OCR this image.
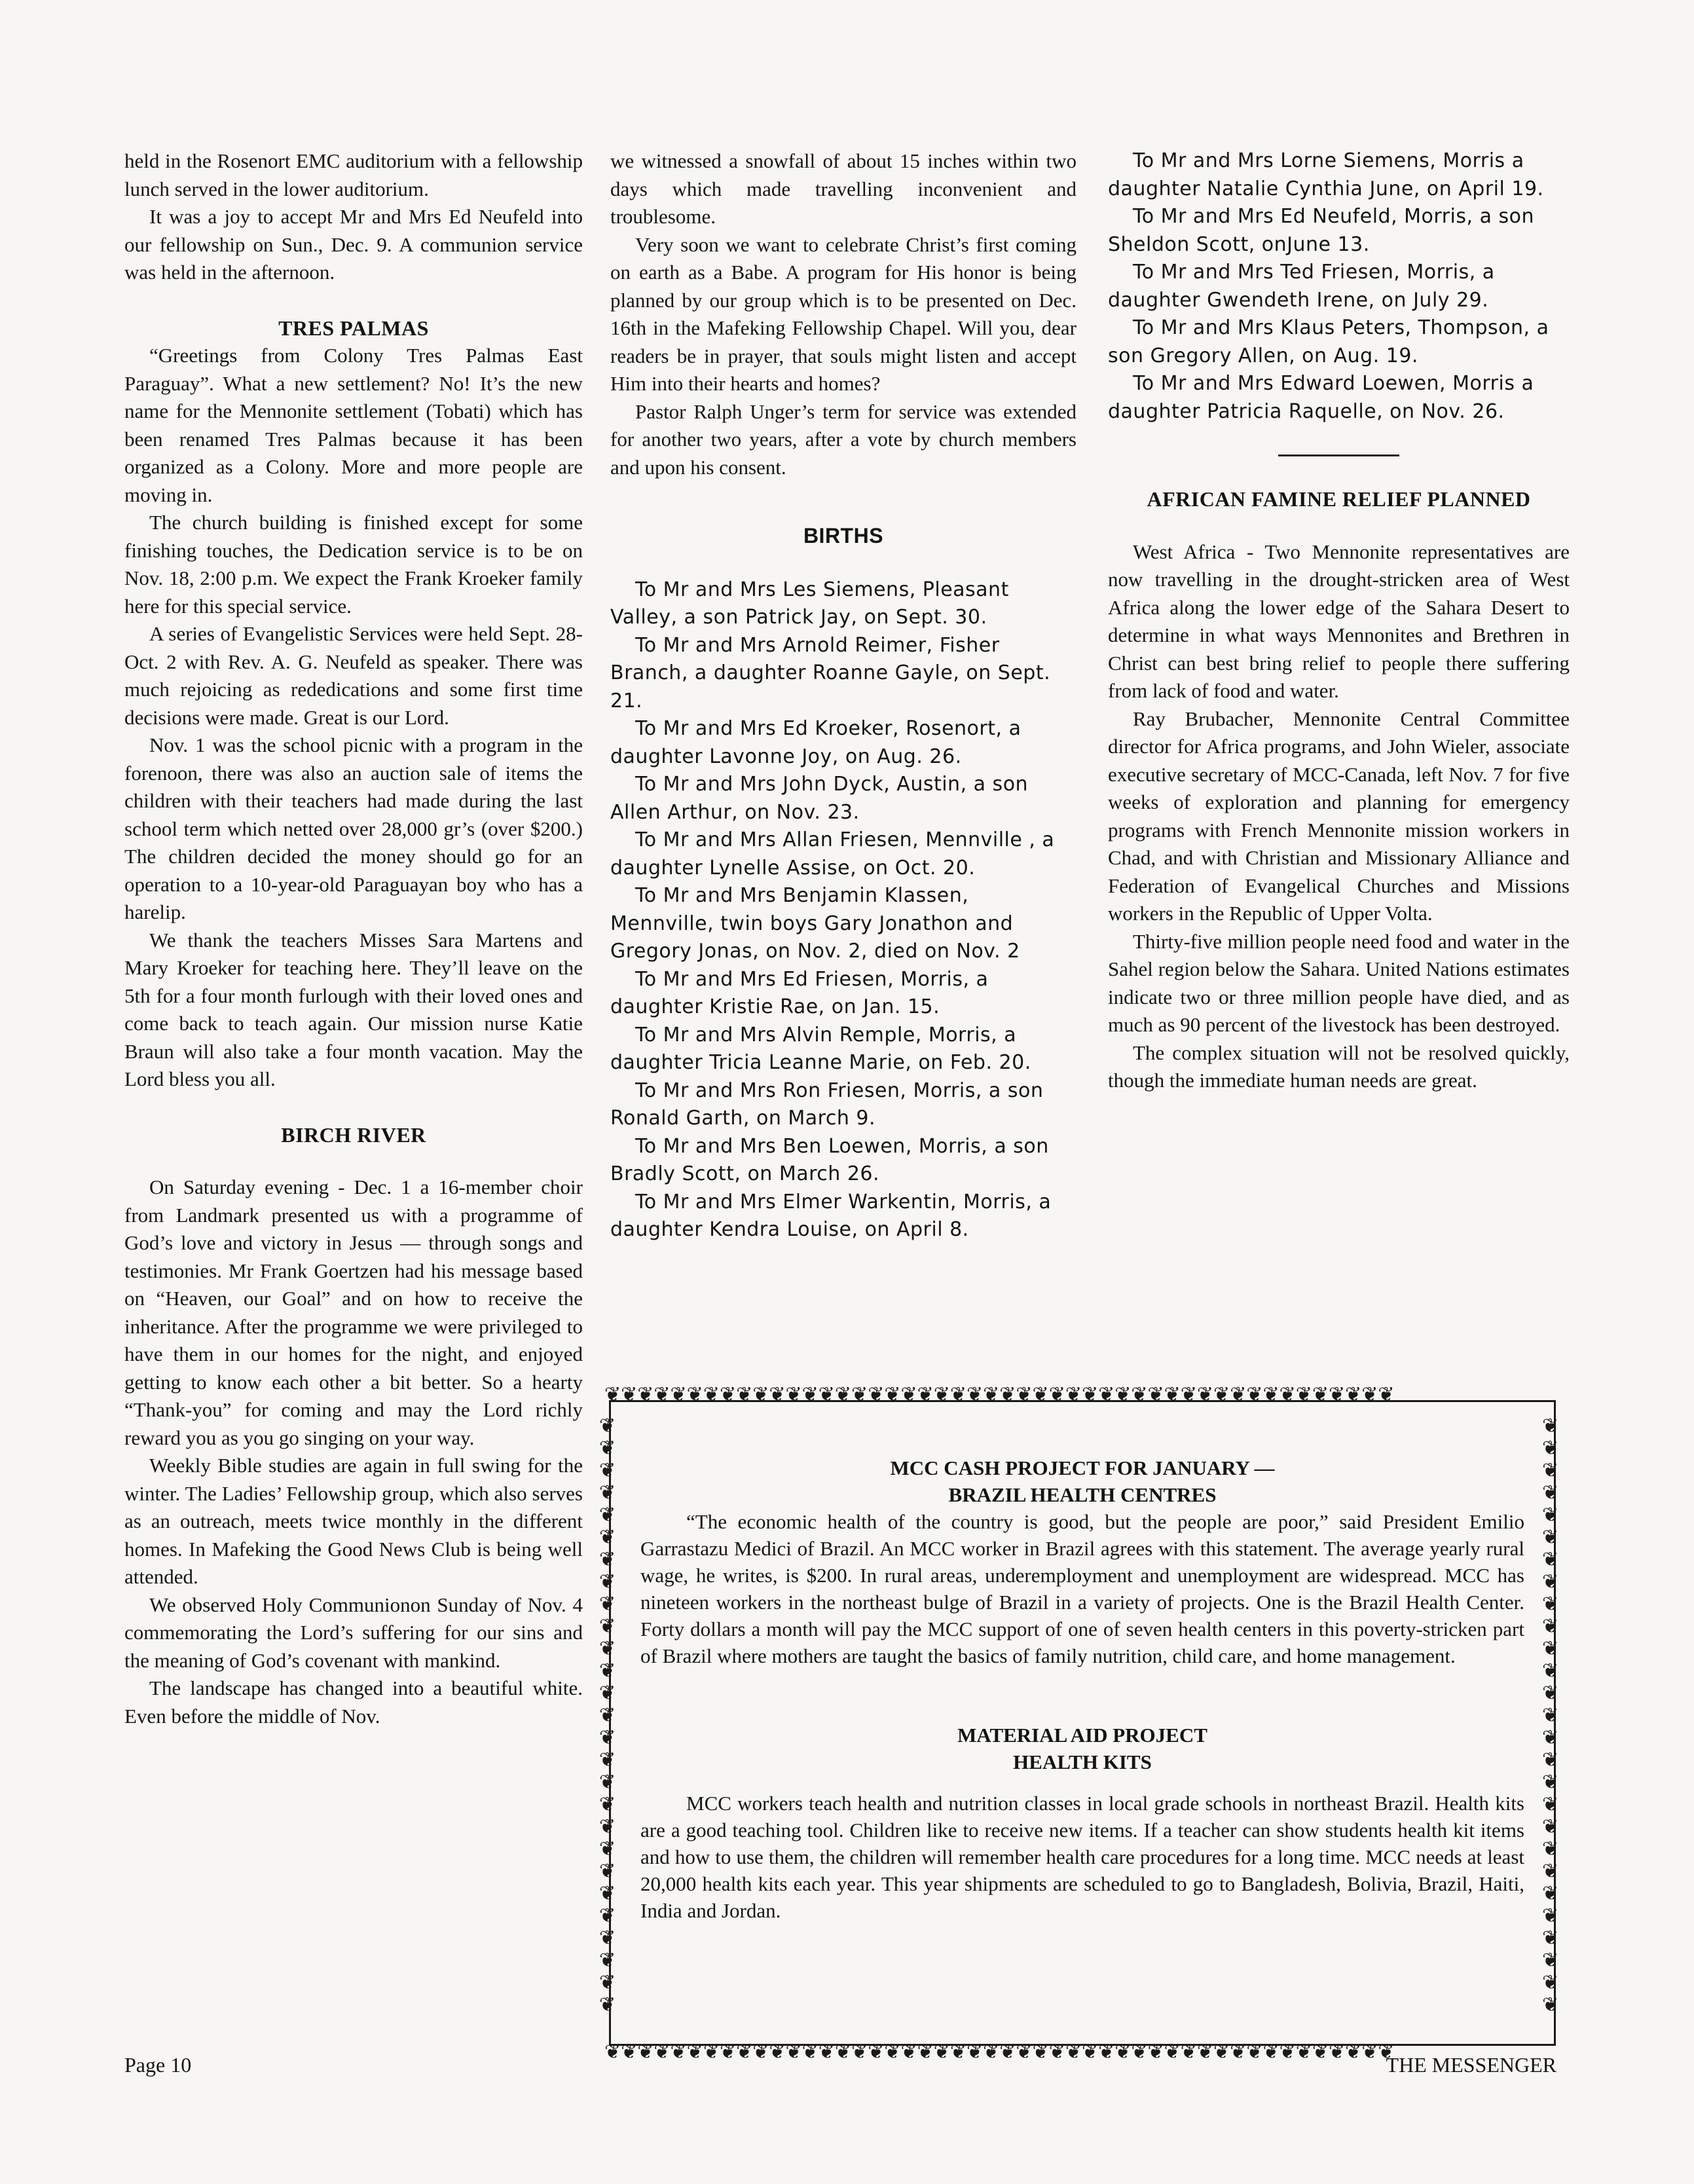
held in the Rosenort EMC auditorium with a fellowship lunch served in the lower auditorium.

It was a joy to accept Mr and Mrs Ed Neufeld into our fellowship on Sun., Dec. 9. A communion service was held in the afternoon.

TRES PALMAS

“Greetings from Colony Tres Palmas East Paraguay”. What a new settlement? No! It’s the new name for the Mennonite settlement (Tobati) which has been renamed Tres Palmas because it has been organized as a Colony. More and more people are moving in.

The church building is finished except for some finishing touches, the Dedication service is to be on Nov. 18, 2:00 p.m. We expect the Frank Kroeker family here for this special service.

A series of Evangelistic Services were held Sept. 28-Oct. 2 with Rev. A. G. Neufeld as speaker. There was much rejoicing as rededications and some first time decisions were made. Great is our Lord.

Nov. 1 was the school picnic with a program in the forenoon, there was also an auction sale of items the children with their teachers had made during the last school term which netted over 28,000 gr’s (over $200.) The children decided the money should go for an operation to a 10-year-old Paraguayan boy who has a harelip.

We thank the teachers Misses Sara Martens and Mary Kroeker for teaching here. They’ll leave on the 5th for a four month furlough with their loved ones and come back to teach again. Our mission nurse Katie Braun will also take a four month vacation. May the Lord bless you all.

BIRCH RIVER

On Saturday evening - Dec. 1 a 16-member choir from Landmark presented us with a programme of God’s love and victory in Jesus — through songs and testimonies. Mr Frank Goertzen had his message based on “Heaven, our Goal” and on how to receive the inheritance. After the programme we were privileged to have them in our homes for the night, and enjoyed getting to know each other a bit better. So a hearty “Thank-you” for coming and may the Lord richly reward you as you go singing on your way.

Weekly Bible studies are again in full swing for the winter. The Ladies’ Fellowship group, which also serves as an outreach, meets twice monthly in the different homes. In Mafeking the Good News Club is being well attended.

We observed Holy Communionon Sunday of Nov. 4 commemorating the Lord’s suffering for our sins and the meaning of God’s covenant with mankind.

The landscape has changed into a beautiful white. Even before the middle of Nov.

we witnessed a snowfall of about 15 inches within two days which made travelling inconvenient and troublesome.

Very soon we want to celebrate Christ’s first coming on earth as a Babe. A program for His honor is being planned by our group which is to be presented on Dec. 16th in the Mafeking Fellowship Chapel. Will you, dear readers be in prayer, that souls might listen and accept Him into their hearts and homes?

Pastor Ralph Unger’s term for service was extended for another two years, after a vote by church members and upon his consent.

BIRTHS

To Mr and Mrs Les Siemens, Pleasant Valley, a son Patrick Jay, on Sept. 30.

To Mr and Mrs Arnold Reimer, Fisher Branch, a daughter Roanne Gayle, on Sept. 21.

To Mr and Mrs Ed Kroeker, Rosenort, a daughter Lavonne Joy, on Aug. 26.

To Mr and Mrs John Dyck, Austin, a son Allen Arthur, on Nov. 23.

To Mr and Mrs Allan Friesen, Mennville , a daughter Lynelle Assise, on Oct. 20.

To Mr and Mrs Benjamin Klassen, Mennville, twin boys Gary Jonathon and Gregory Jonas, on Nov. 2, died on Nov. 2

To Mr and Mrs Ed Friesen, Morris, a daughter Kristie Rae, on Jan. 15.

To Mr and Mrs Alvin Remple, Morris, a daughter Tricia Leanne Marie, on Feb. 20.

To Mr and Mrs Ron Friesen, Morris, a son Ronald Garth, on March 9.

To Mr and Mrs Ben Loewen, Morris, a son Bradly Scott, on March 26.

To Mr and Mrs Elmer Warkentin, Morris, a daughter Kendra Louise, on April 8.

To Mr and Mrs Lorne Siemens, Morris a daughter Natalie Cynthia June, on April 19.

To Mr and Mrs Ed Neufeld, Morris, a son Sheldon Scott, onJune 13.

To Mr and Mrs Ted Friesen, Morris, a daughter Gwendeth Irene, on July 29.

To Mr and Mrs Klaus Peters, Thompson, a son Gregory Allen, on Aug. 19.

To Mr and Mrs Edward Loewen, Morris a daughter Patricia Raquelle, on Nov. 26.

AFRICAN FAMINE RELIEF PLANNED

West Africa - Two Mennonite representatives are now travelling in the drought-stricken area of West Africa along the lower edge of the Sahara Desert to determine in what ways Mennonites and Brethren in Christ can best bring relief to people there suffering from lack of food and water.

Ray Brubacher, Mennonite Central Committee director for Africa programs, and John Wieler, associate executive secretary of MCC-Canada, left Nov. 7 for five weeks of exploration and planning for emergency programs with French Mennonite mission workers in Chad, and with Christian and Missionary Alliance and Federation of Evangelical Churches and Missions workers in the Republic of Upper Volta.

Thirty-five million people need food and water in the Sahel region below the Sahara. United Nations estimates indicate two or three million people have died, and as much as 90 percent of the livestock has been destroyed.

The complex situation will not be resolved quickly, though the immediate human needs are great.

❦❦❦❦❦❦❦❦❦❦❦❦❦❦❦❦❦❦❦❦❦❦❦❦❦❦❦❦❦❦❦❦❦❦❦❦❦❦❦❦❦❦❦❦❦❦❦❦
❦❦❦❦❦❦❦❦❦❦❦❦❦❦❦❦❦❦❦❦❦❦❦❦❦❦❦❦❦❦❦❦❦❦❦❦❦❦❦❦❦❦❦❦❦❦❦❦
❦❦❦❦❦❦❦❦❦❦❦❦❦❦❦❦❦❦❦❦❦❦❦❦❦❦❦
❦❦❦❦❦❦❦❦❦❦❦❦❦❦❦❦❦❦❦❦❦❦❦❦❦❦❦
MCC CASH PROJECT FOR JANUARY —
BRAZIL HEALTH CENTRES

“The economic health of the country is good, but the people are poor,” said President Emilio Garrastazu Medici of Brazil. An MCC worker in Brazil agrees with this statement. The average yearly rural wage, he writes, is $200. In rural areas, underemployment and unemployment are widespread. MCC has nineteen workers in the northeast bulge of Brazil in a variety of projects. One is the Brazil Health Center. Forty dollars a month will pay the MCC support of one of seven health centers in this poverty-stricken part of Brazil where mothers are taught the basics of family nutrition, child care, and home management.

MATERIAL AID PROJECT
HEALTH KITS

MCC workers teach health and nutrition classes in local grade schools in northeast Brazil. Health kits are a good teaching tool. Children like to receive new items. If a teacher can show students health kit items and how to use them, the children will remember health care procedures for a long time. MCC needs at least 20,000 health kits each year. This year shipments are scheduled to go to Bangladesh, Bolivia, Brazil, Haiti, India and Jordan.

Page 10	THE MESSENGER
